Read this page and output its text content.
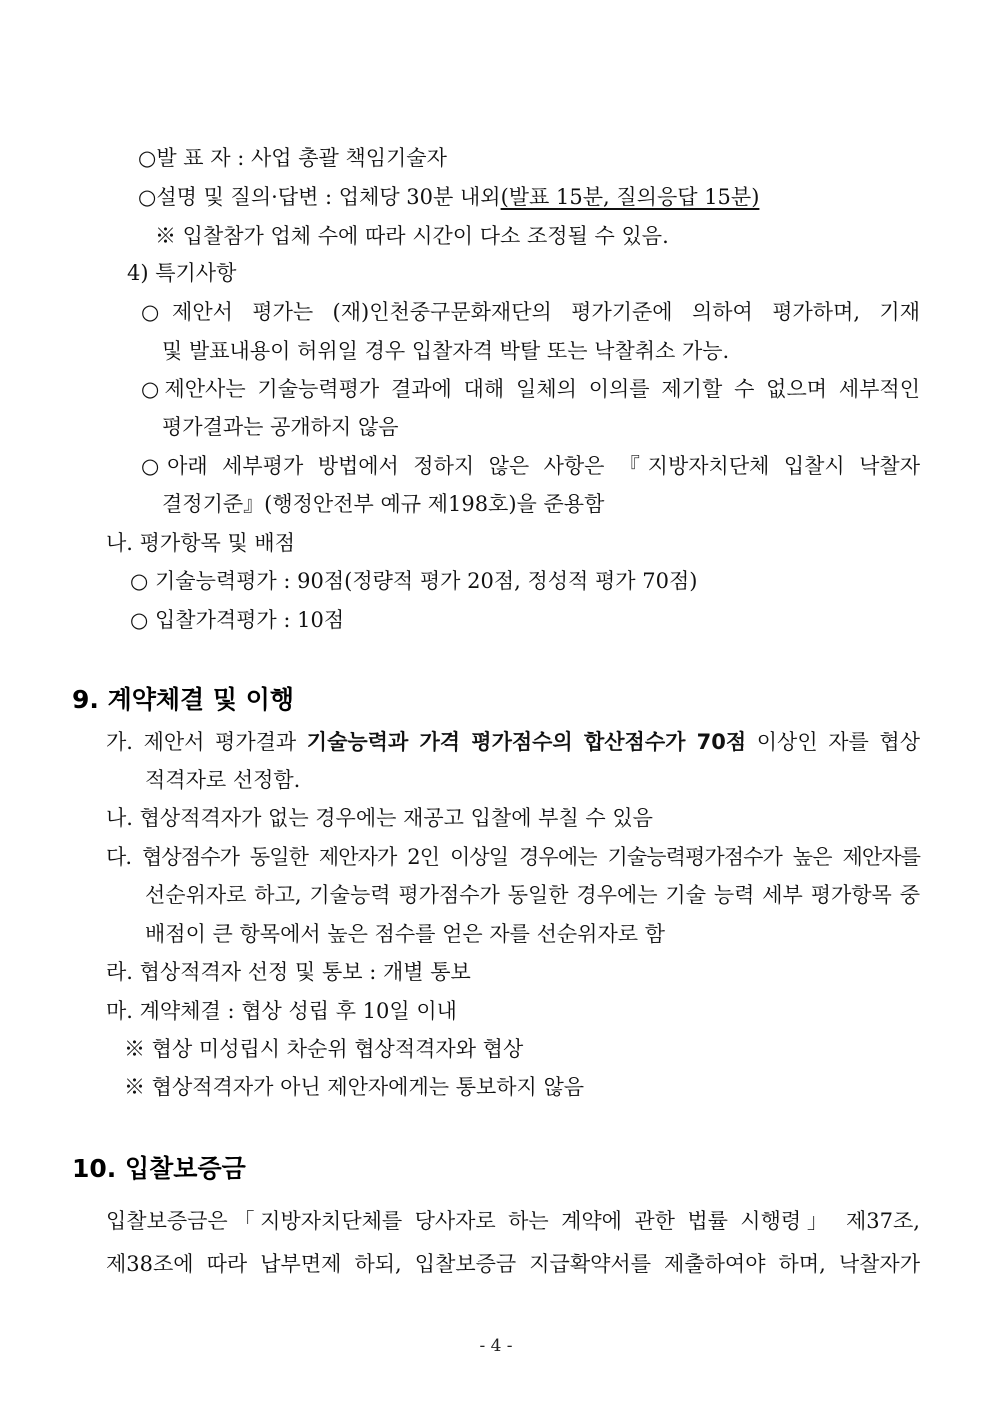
○발 표 자 : 사업 총괄 책임기술자
○설명 및 질의·답변 : 업체당 30분 내외(발표 15분, 질의응답 15분)
※ 입찰참가 업체 수에 따라 시간이 다소 조정될 수 있음.
4) 특기사항
○제안서 평가는 (재)인천중구문화재단의 평가기준에 의하여 평가하며, 기재
및 발표내용이 허위일 경우 입찰자격 박탈 또는 낙찰취소 가능.
○제안사는 기술능력평가 결과에 대해 일체의 이의를 제기할 수 없으며 세부적인
평가결과는 공개하지 않음
○아래 세부평가 방법에서 정하지 않은 사항은 『지방자치단체 입찰시 낙찰자
결정기준』(행정안전부 예규 제198호)을 준용함
나. 평가항목 및 배점
○ 기술능력평가 : 90점(정량적 평가 20점, 정성적 평가 70점)
○ 입찰가격평가 : 10점
9. 계약체결 및 이행
가. 제안서 평가결과 기술능력과 가격 평가점수의 합산점수가 70점 이상인 자를 협상
적격자로 선정함.
나. 협상적격자가 없는 경우에는 재공고 입찰에 부칠 수 있음
다. 협상점수가 동일한 제안자가 2인 이상일 경우에는 기술능력평가점수가 높은 제안자를
선순위자로 하고, 기술능력 평가점수가 동일한 경우에는 기술 능력 세부 평가항목 중
배점이 큰 항목에서 높은 점수를 얻은 자를 선순위자로 함
라. 협상적격자 선정 및 통보 : 개별 통보
마. 계약체결 : 협상 성립 후 10일 이내
※ 협상 미성립시 차순위 협상적격자와 협상
※ 협상적격자가 아닌 제안자에게는 통보하지 않음
10. 입찰보증금
입찰보증금은「지방자치단체를 당사자로 하는 계약에 관한 법률 시행령」 제37조,
제38조에 따라 납부면제 하되, 입찰보증금 지급확약서를 제출하여야 하며, 낙찰자가
- 4 -
